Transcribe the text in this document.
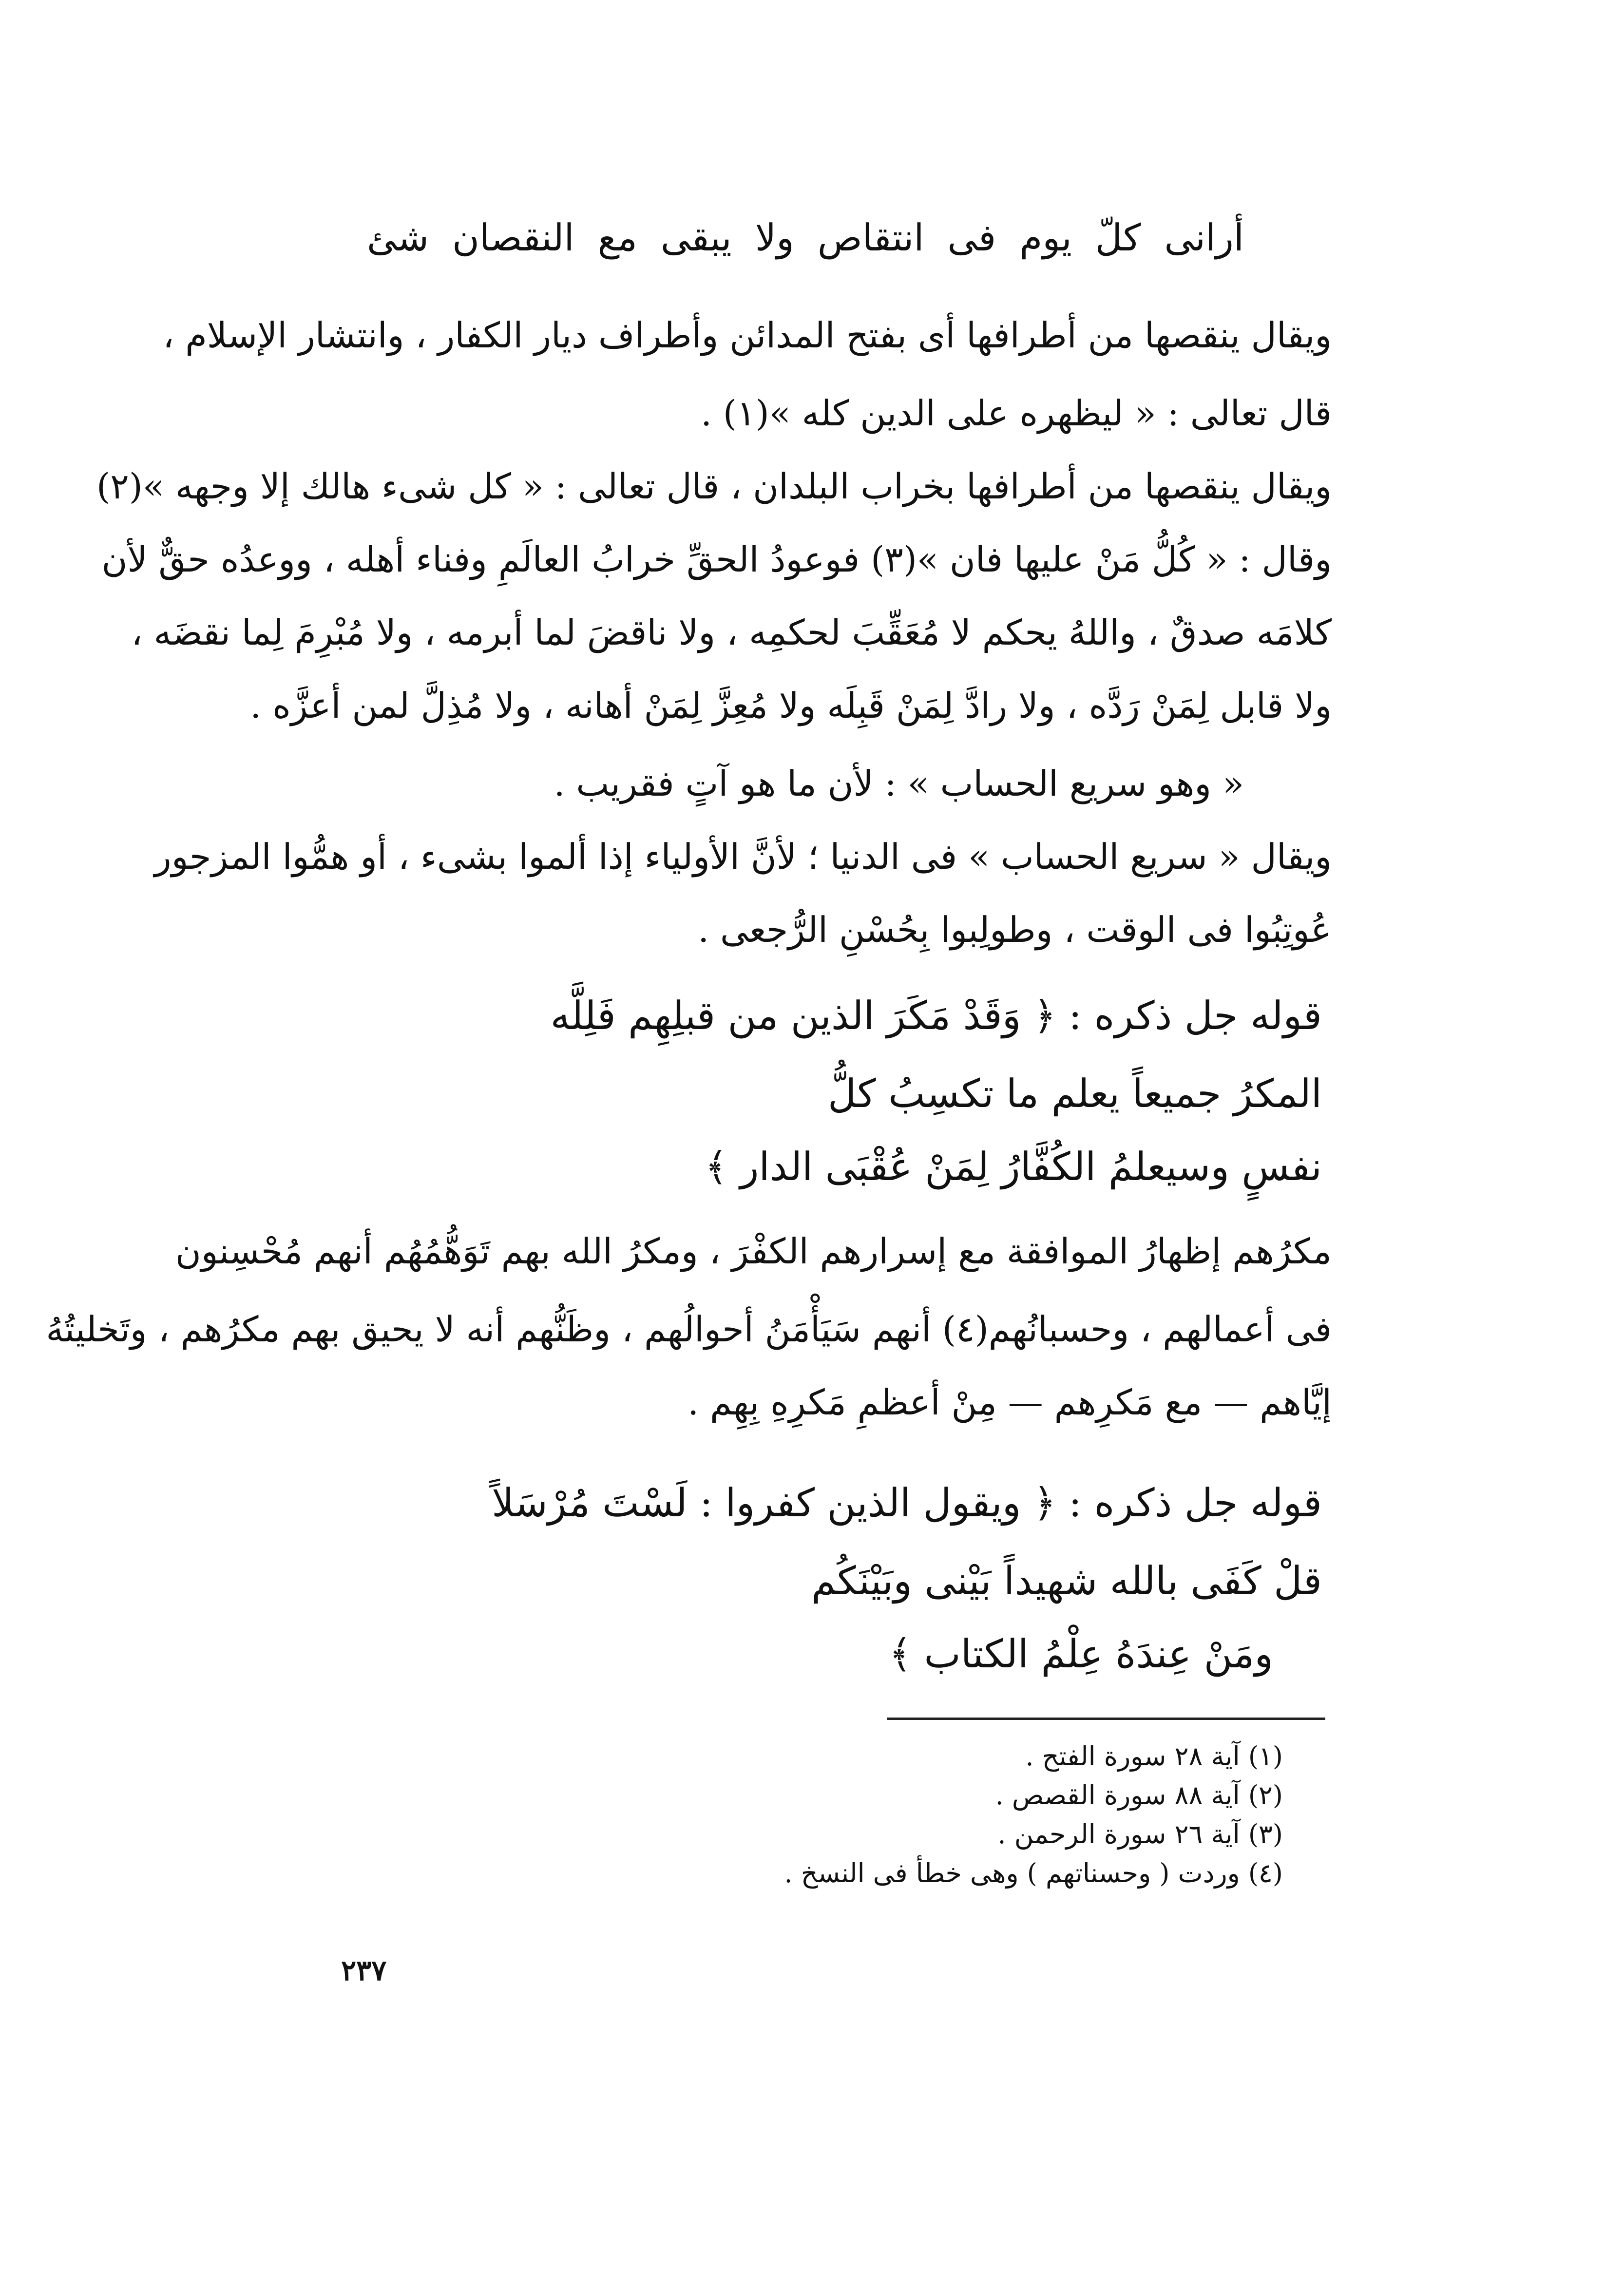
أرانى كلّ يوم فى انتقاص ولا يبقى مع النقصان شئ
ويقال ينقصها من أطرافها أى بفتح المدائن وأطراف ديار الكفار ، وانتشار الإسلام ،
قال تعالى : « ليظهره على الدين كله »(١) .
ويقال ينقصها من أطرافها بخراب البلدان ، قال تعالى : « كل شىء هالك إلا وجهه »(٢)
وقال : « كُلُّ مَنْ عليها فان »(٣) فوعودُ الحقِّ خرابُ العالَمِ وفناء أهله ، ووعدُه حقٌّ لأن
كلامَه صدقٌ ، واللهُ يحكم لا مُعَقِّبَ لحكمِه ، ولا ناقضَ لما أبرمه ، ولا مُبْرِمَ لِما نقضَه ،
ولا قابل لِمَنْ رَدَّه ، ولا رادَّ لِمَنْ قَبِلَه ولا مُعِزَّ لِمَنْ أهانه ، ولا مُذِلَّ لمن أعزَّه .
« وهو سريع الحساب » : لأن ما هو آتٍ فقريب .
ويقال « سريع الحساب » فى الدنيا ؛ لأنَّ الأولياء إذا ألموا بشىء ، أو همُّوا المزجور
عُوتِبُوا فى الوقت ، وطولِبوا بِحُسْنِ الرُّجعى .
قوله جل ذكره : ﴿ وَقَدْ مَكَرَ الذين من قبلِهِم فَلِلَّه
المكرُ جميعاً يعلم ما تكسِبُ كلُّ
نفسٍ وسيعلمُ الكُفَّارُ لِمَنْ عُقْبَى الدار ﴾
مكرُهم إظهارُ الموافقة مع إسرارهم الكفْرَ ، ومكرُ الله بهم تَوَهُّمُهُم أنهم مُحْسِنون
فى أعمالهم ، وحسبانُهم(٤) أنهم سَيَأْمَنُ أحوالُهم ، وظَنُّهم أنه لا يحيق بهم مكرُهم ، وتَخليتُهُ
إيَّاهم — مع مَكرِهم — مِنْ أعظمِ مَكرِهِ بِهِم .
قوله جل ذكره : ﴿ ويقول الذين كفروا : لَسْتَ مُرْسَلاً
قلْ كَفَى بالله شهيداً بَيْنى وبَيْنَكُم
ومَنْ عِندَهُ عِلْمُ الكتاب ﴾
(١) آية ٢٨ سورة الفتح .
(٢) آية ٨٨ سورة القصص .
(٣) آية ٢٦ سورة الرحمن .
(٤) وردت ( وحسناتهم ) وهى خطأ فى النسخ .
٢٣٧
